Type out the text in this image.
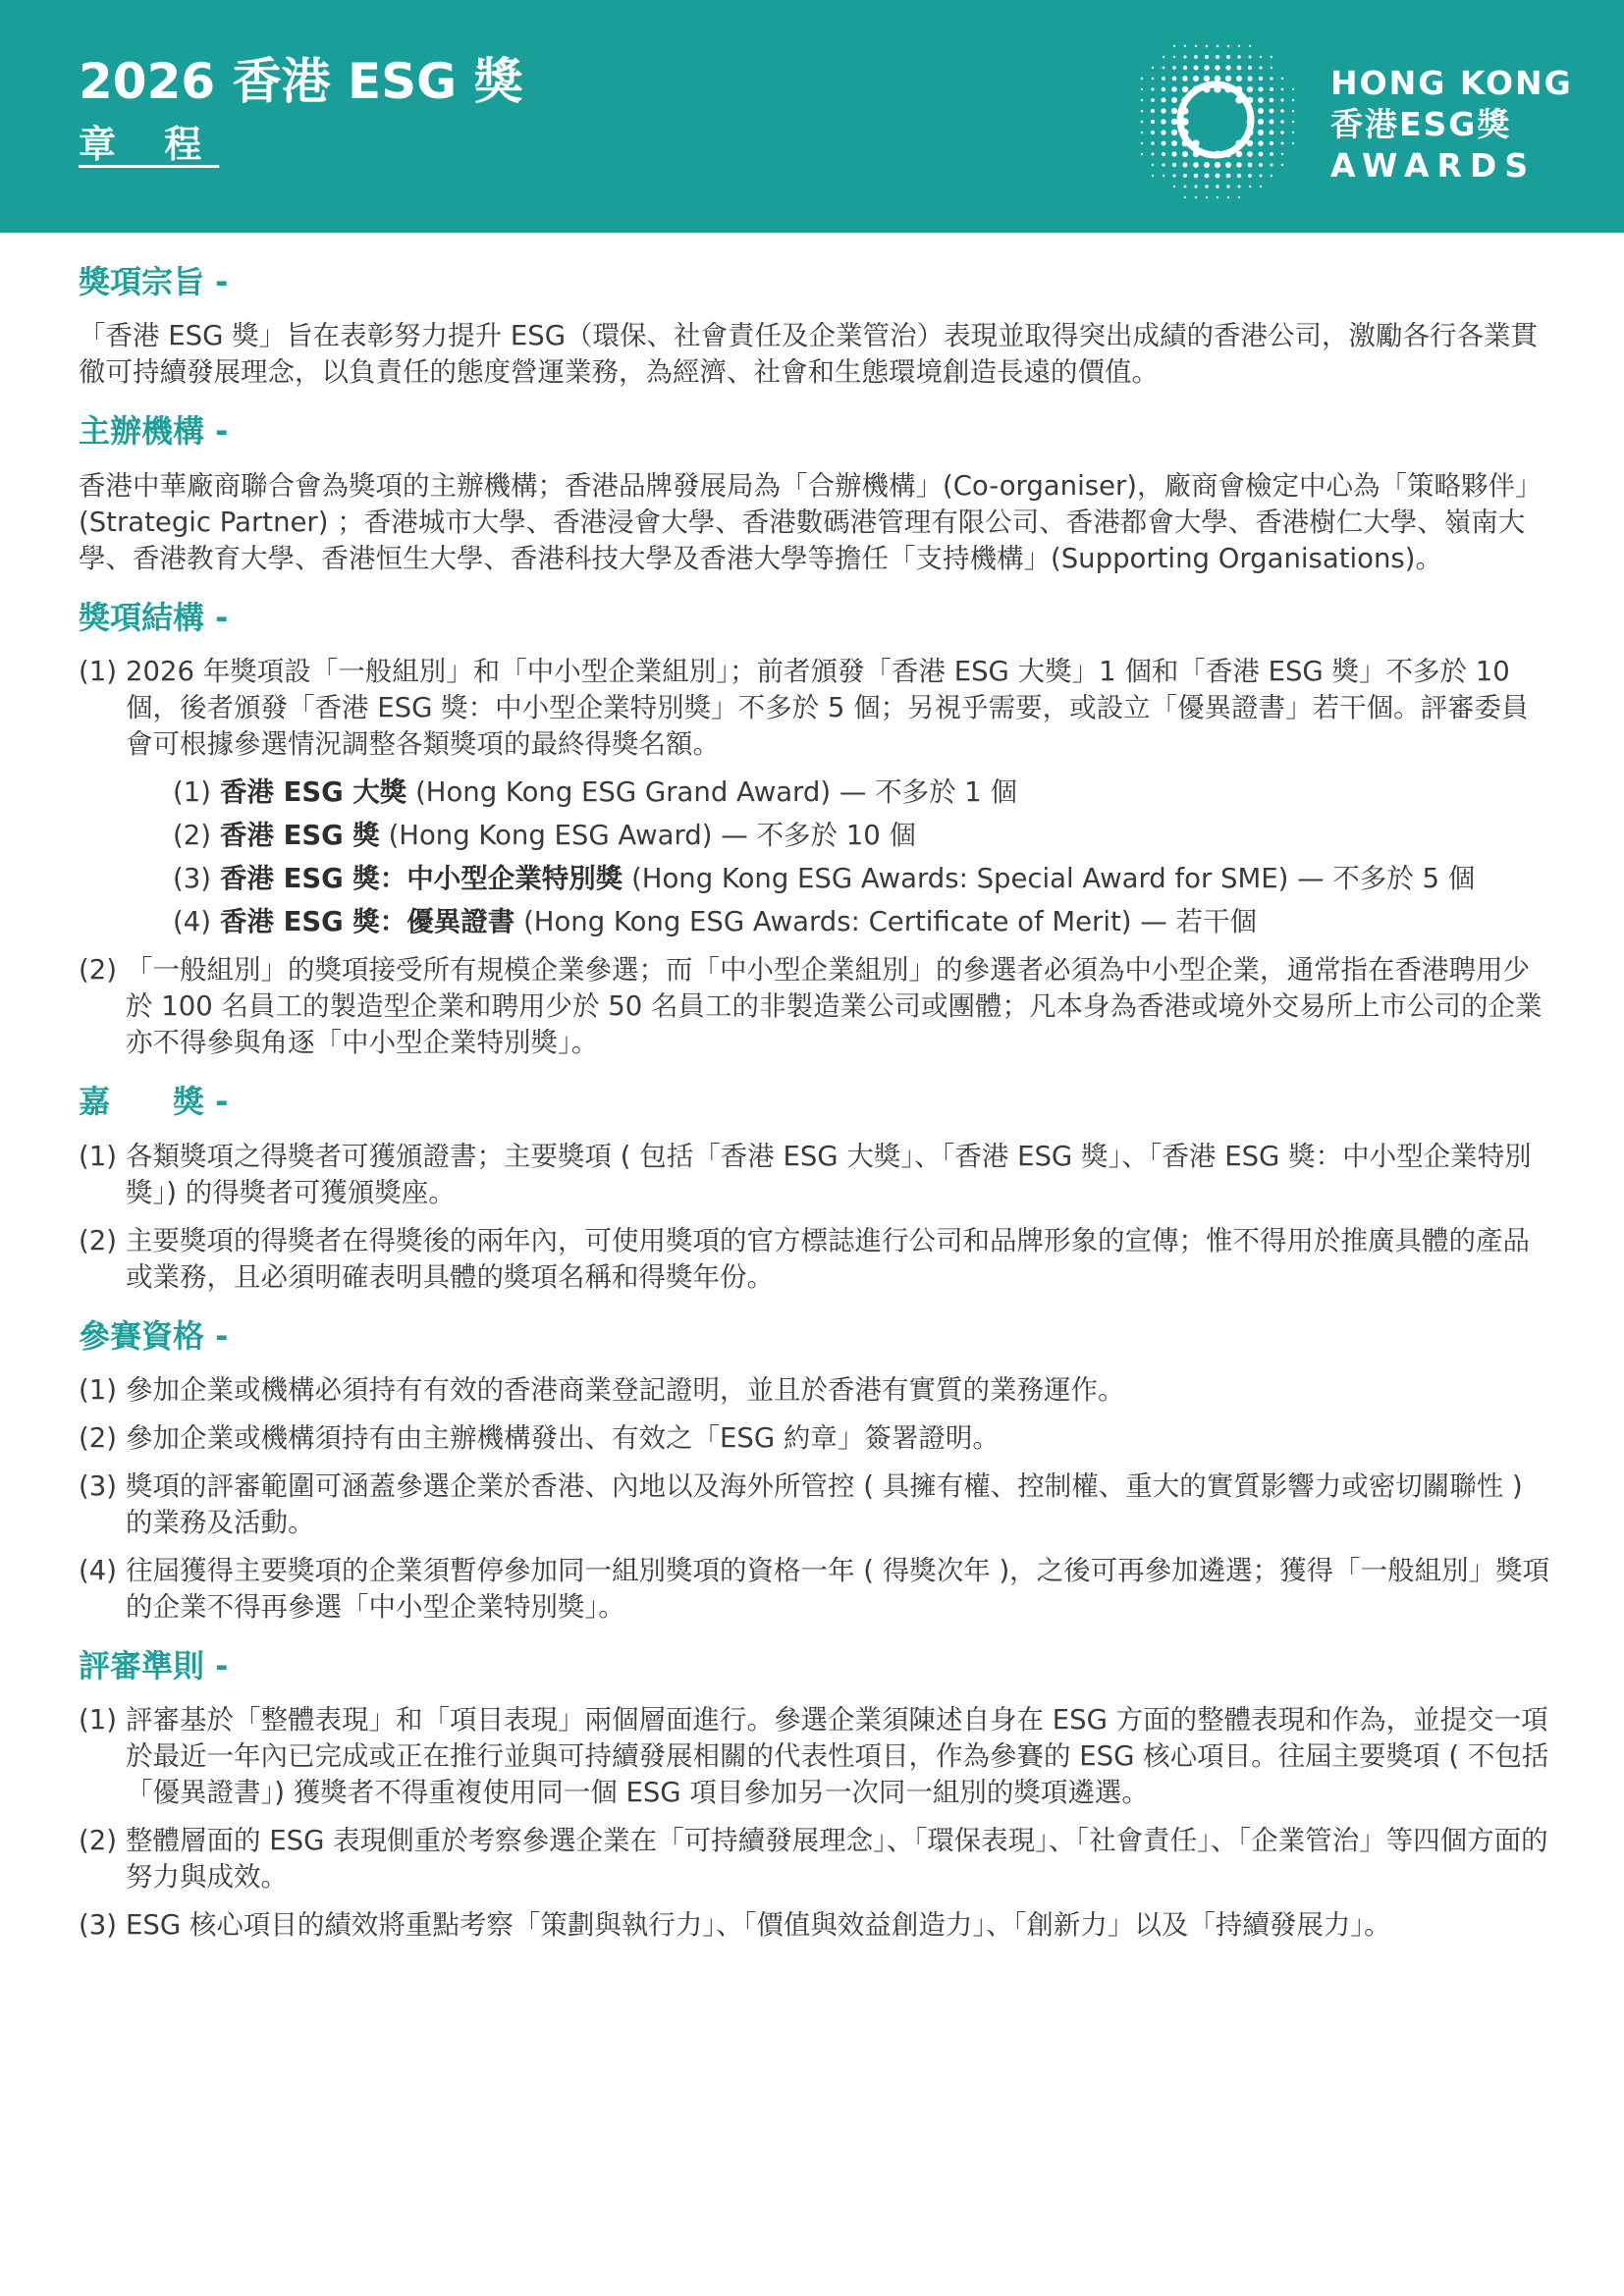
2026 香港 ESG 獎
章 程
HONG KONG
香港ESG獎
AWARDS
獎項宗旨 -

「香港 ESG 獎」旨在表彰努力提升 ESG（環保、社會責任及企業管治）表現並取得突出成績的香港公司，激勵各行各業貫徹可持續發展理念，以負責任的態度營運業務，為經濟、社會和生態環境創造長遠的價值。

主辦機構 -

香港中華廠商聯合會為獎項的主辦機構；香港品牌發展局為「合辦機構」(Co-organiser)，廠商會檢定中心為「策略夥伴」(Strategic Partner) ；香港城市大學、香港浸會大學、香港數碼港管理有限公司、香港都會大學、香港樹仁大學、嶺南大學、香港教育大學、香港恒生大學、香港科技大學及香港大學等擔任「支持機構」(Supporting Organisations)。

獎項結構 -
(1) 2026 年獎項設「一般組別」和「中小型企業組別」；前者頒發「香港 ESG 大獎」1 個和「香港 ESG 獎」不多於 10 個，後者頒發「香港 ESG 獎：中小型企業特別獎」不多於 5 個；另視乎需要，或設立「優異證書」若干個。評審委員會可根據參選情況調整各類獎項的最終得獎名額。
(1) 香港 ESG 大獎 (Hong Kong ESG Grand Award) — 不多於 1 個
(2) 香港 ESG 獎 (Hong Kong ESG Award) — 不多於 10 個
(3) 香港 ESG 獎：中小型企業特別獎 (Hong Kong ESG Awards: Special Award for SME) — 不多於 5 個
(4) 香港 ESG 獎：優異證書 (Hong Kong ESG Awards: Certificate of Merit) — 若干個
(2) 「一般組別」的獎項接受所有規模企業參選；而「中小型企業組別」的參選者必須為中小型企業，通常指在香港聘用少於 100 名員工的製造型企業和聘用少於 50 名員工的非製造業公司或團體；凡本身為香港或境外交易所上市公司的企業亦不得參與角逐「中小型企業特別獎」。
嘉　　獎 -
(1) 各類獎項之得獎者可獲頒證書；主要獎項 ( 包括「香港 ESG 大獎」、「香港 ESG 獎」、「香港 ESG 獎：中小型企業特別獎」) 的得獎者可獲頒獎座。
(2) 主要獎項的得獎者在得獎後的兩年內，可使用獎項的官方標誌進行公司和品牌形象的宣傳；惟不得用於推廣具體的產品或業務，且必須明確表明具體的獎項名稱和得獎年份。
參賽資格 -
(1) 參加企業或機構必須持有有效的香港商業登記證明，並且於香港有實質的業務運作。
(2) 參加企業或機構須持有由主辦機構發出、有效之「ESG 約章」簽署證明。
(3) 獎項的評審範圍可涵蓋參選企業於香港、內地以及海外所管控 ( 具擁有權、控制權、重大的實質影響力或密切關聯性 ) 的業務及活動。
(4) 往屆獲得主要獎項的企業須暫停參加同一組別獎項的資格一年 ( 得獎次年 )，之後可再參加遴選；獲得「一般組別」獎項的企業不得再參選「中小型企業特別獎」。
評審準則 -
(1) 評審基於「整體表現」和「項目表現」兩個層面進行。參選企業須陳述自身在 ESG 方面的整體表現和作為，並提交一項於最近一年內已完成或正在推行並與可持續發展相關的代表性項目，作為參賽的 ESG 核心項目。往屆主要獎項 ( 不包括「優異證書」) 獲獎者不得重複使用同一個 ESG 項目參加另一次同一組別的獎項遴選。
(2) 整體層面的 ESG 表現側重於考察參選企業在「可持續發展理念」、「環保表現」、「社會責任」、「企業管治」等四個方面的努力與成效。
(3) ESG 核心項目的績效將重點考察「策劃與執行力」、「價值與效益創造力」、「創新力」以及「持續發展力」。
